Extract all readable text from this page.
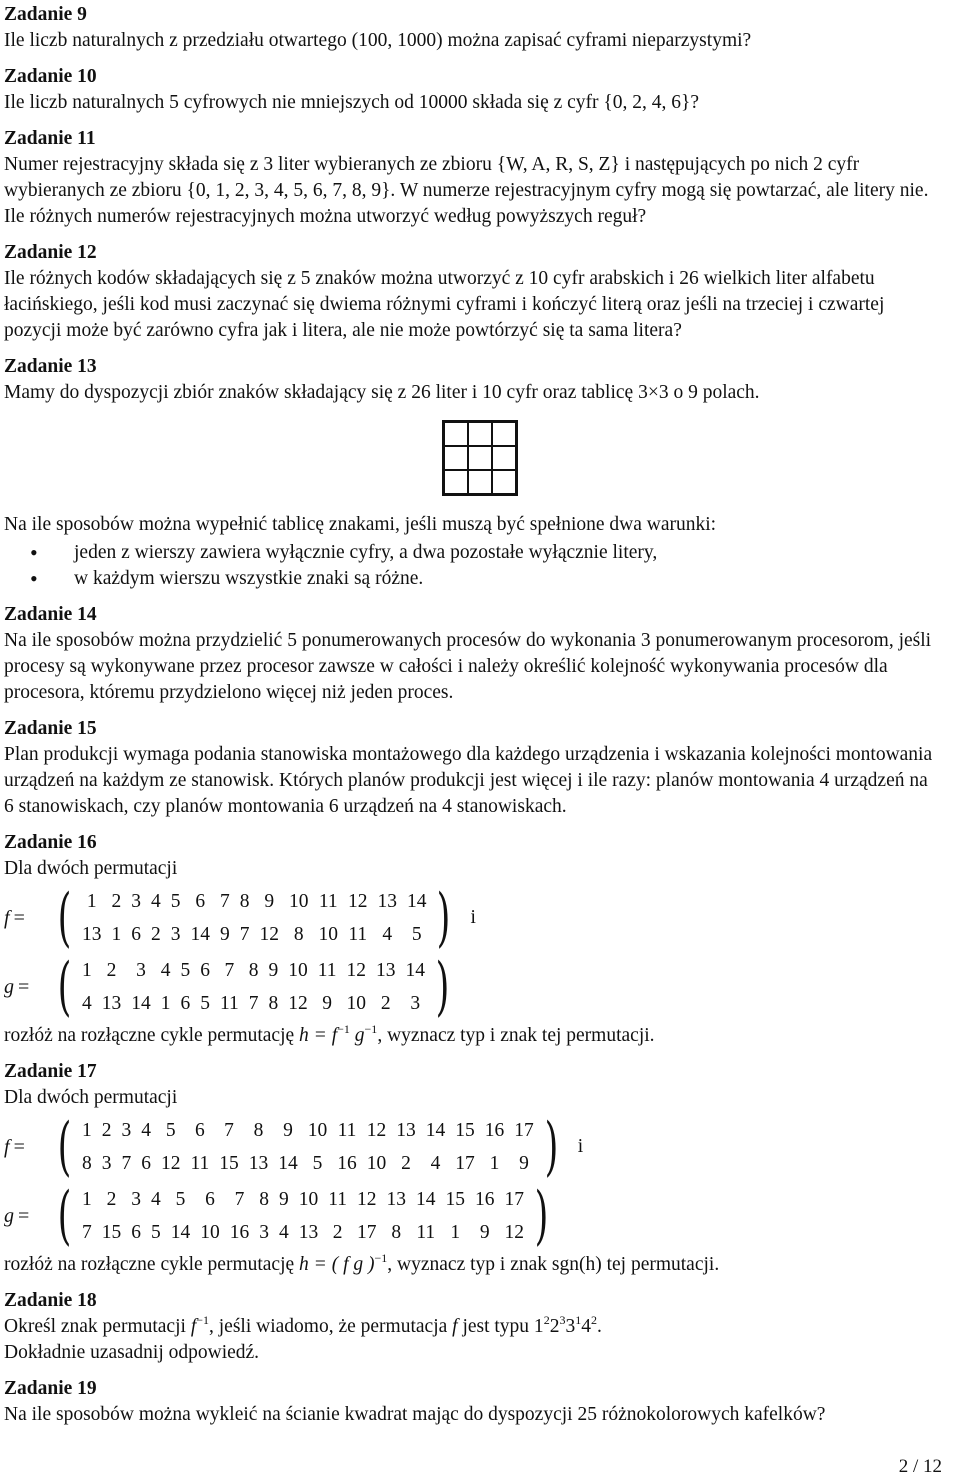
Zadanie 9

Ile liczb naturalnych z przedziału otwartego (100, 1000) można zapisać cyframi nieparzystymi?

Zadanie 10

Ile liczb naturalnych 5 cyfrowych nie mniejszych od 10000 składa się z cyfr {0, 2, 4, 6}?

Zadanie 11

Numer rejestracyjny składa się z 3 liter wybieranych ze zbioru {W, A, R, S, Z} i następujących po nich 2 cyfr wybieranych ze zbioru {0, 1, 2, 3, 4, 5, 6, 7, 8, 9}. W numerze rejestracyjnym cyfry mogą się powtarzać, ale litery nie. Ile różnych numerów rejestracyjnych można utworzyć według powyższych reguł?

Zadanie 12

Ile różnych kodów składających się z 5 znaków można utworzyć z 10 cyfr arabskich i 26 wielkich liter alfabetu łacińskiego, jeśli kod musi zaczynać się dwiema różnymi cyframi i kończyć literą oraz jeśli na trzeciej i czwartej pozycji może być zarówno cyfra jak i litera, ale nie może powtórzyć się ta sama litera?

Zadanie 13

Mamy do dyspozycji zbiór znaków składający się z 26 liter i 10 cyfr oraz tablicę 3×3 o 9 polach.

Na ile sposobów można wypełnić tablicę znakami, jeśli muszą być spełnione dwa warunki:

• jeden z wierszy zawiera wyłącznie cyfry, a dwa pozostałe wyłącznie litery,
• w każdym wierszu wszystkie znaki są różne.

Zadanie 14

Na ile sposobów można przydzielić 5 ponumerowanych procesów do wykonania 3 ponumerowanym procesorom, jeśli procesy są wykonywane przez procesor zawsze w całości i należy określić kolejność wykonywania procesów dla procesora, któremu przydzielono więcej niż jeden proces.

Zadanie 15

Plan produkcji wymaga podania stanowiska montażowego dla każdego urządzenia i wskazania kolejności montowania urządzeń na każdym ze stanowisk. Których planów produkcji jest więcej i ile razy: planów montowania 4 urządzeń na 6 stanowiskach, czy planów montowania 6 urządzeń na 4 stanowiskach.

Zadanie 16

Dla dwóch permutacji

f = ( 1	2	3	4	5	6	7	8	9	10	11	12	13	14
13	1	6	2	3	14	9	7	12	8	10	11	4	5 ) i
g = ( 1	2	3	4	5	6	7	8	9	10	11	12	13	14
4	13	14	1	6	5	11	7	8	12	9	10	2	3 )

rozłóż na rozłączne cykle permutację $h = f^{-1}$ $g^{-1}$, wyznacz typ i znak tej permutacji.

Zadanie 17

Dla dwóch permutacji

f = ( 1	2	3	4	5	6	7	8	9	10	11	12	13	14	15	16	17
8	3	7	6	12	11	15	13	14	5	16	10	2	4	17	1	9 ) i
g = ( 1	2	3	4	5	6	7	8	9	10	11	12	13	14	15	16	17
7	15	6	5	14	10	16	3	4	13	2	17	8	11	1	9	12 )

rozłóż na rozłączne cykle permutację h = ( f g )$^{-1}$, wyznacz typ i znak sgn(h) tej permutacji.

Zadanie 18

Określ znak permutacji $f^{-1}$, jeśli wiadomo, że permutacja f jest typu $1^22^33^14^2$.

Dokładnie uzasadnij odpowiedź.

Zadanie 19

Na ile sposobów można wykleić na ścianie kwadrat mając do dyspozycji 25 różnokolorowych kafelków?

2 / 12
